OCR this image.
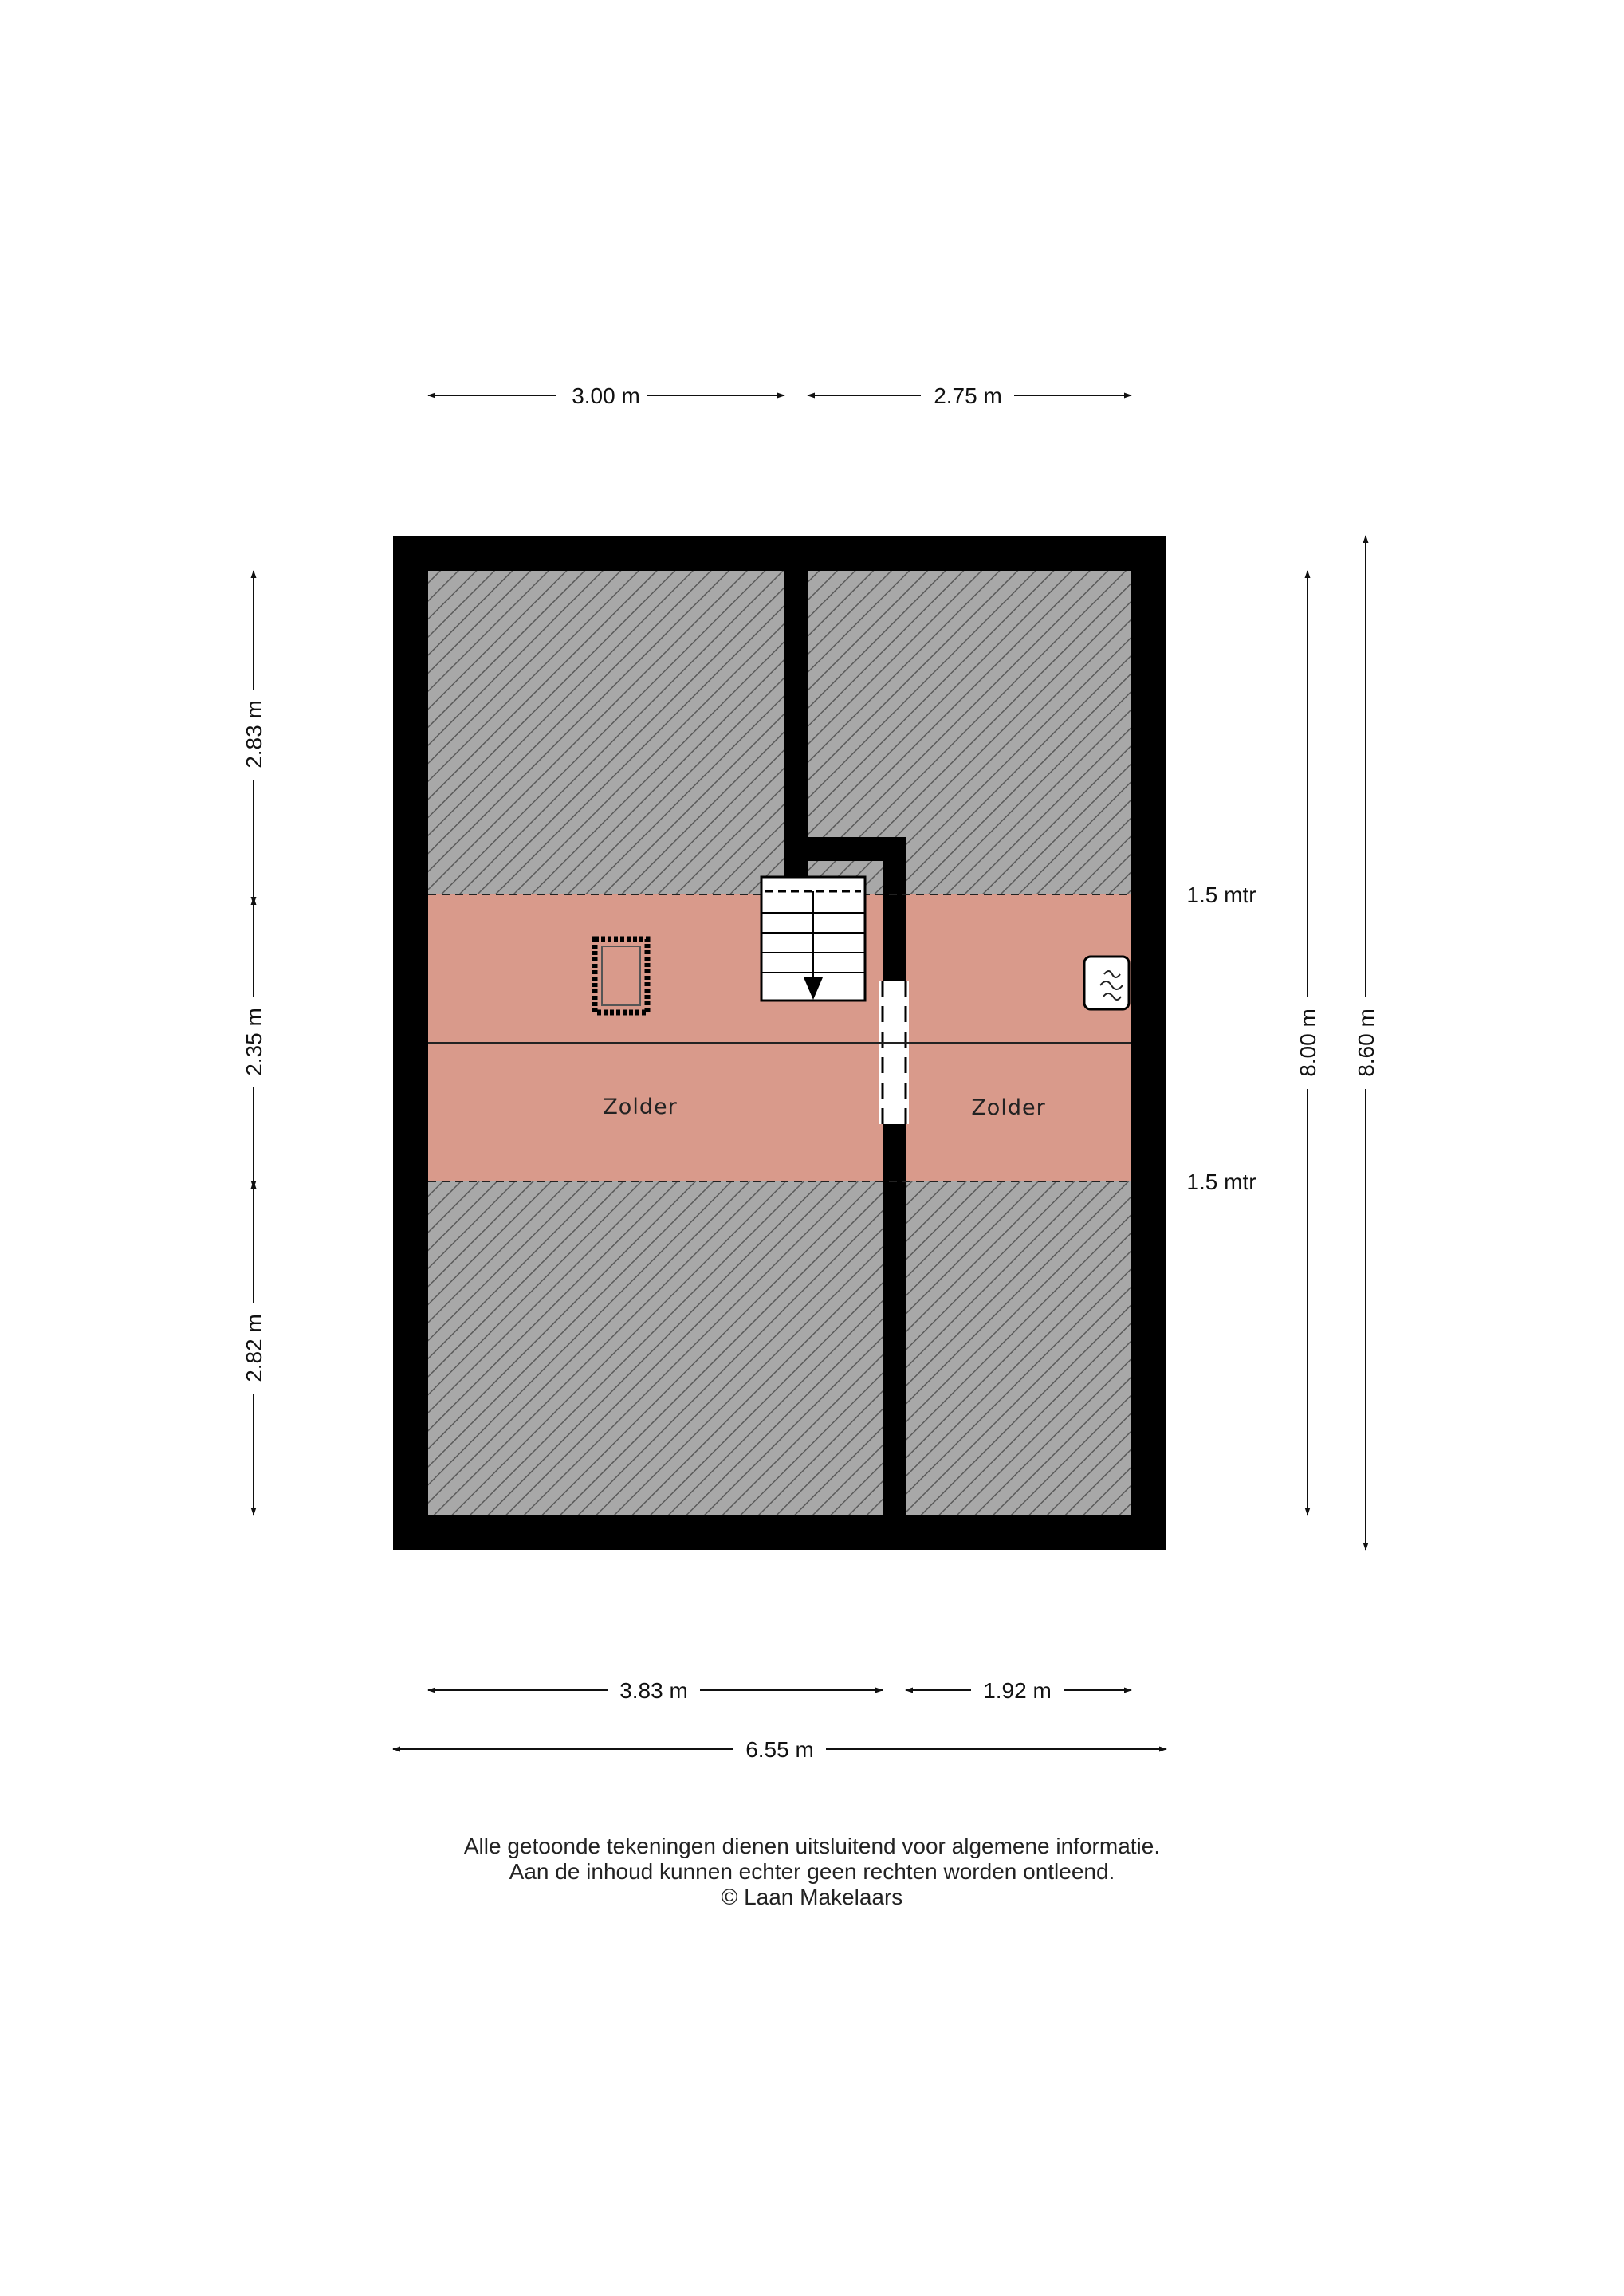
Zolder	Zolder
1.5 mtr
1.5 mtr
3.00 m	2.75 m
2.83 m
2.35 m
2.82 m
8.00 m 8.60 m
3.83 m	1.92 m
6.55 m
Alle getoonde tekeningen dienen uitsluitend voor algemene informatie.
Aan de inhoud kunnen echter geen rechten worden ontleend.
© Laan Makelaars
